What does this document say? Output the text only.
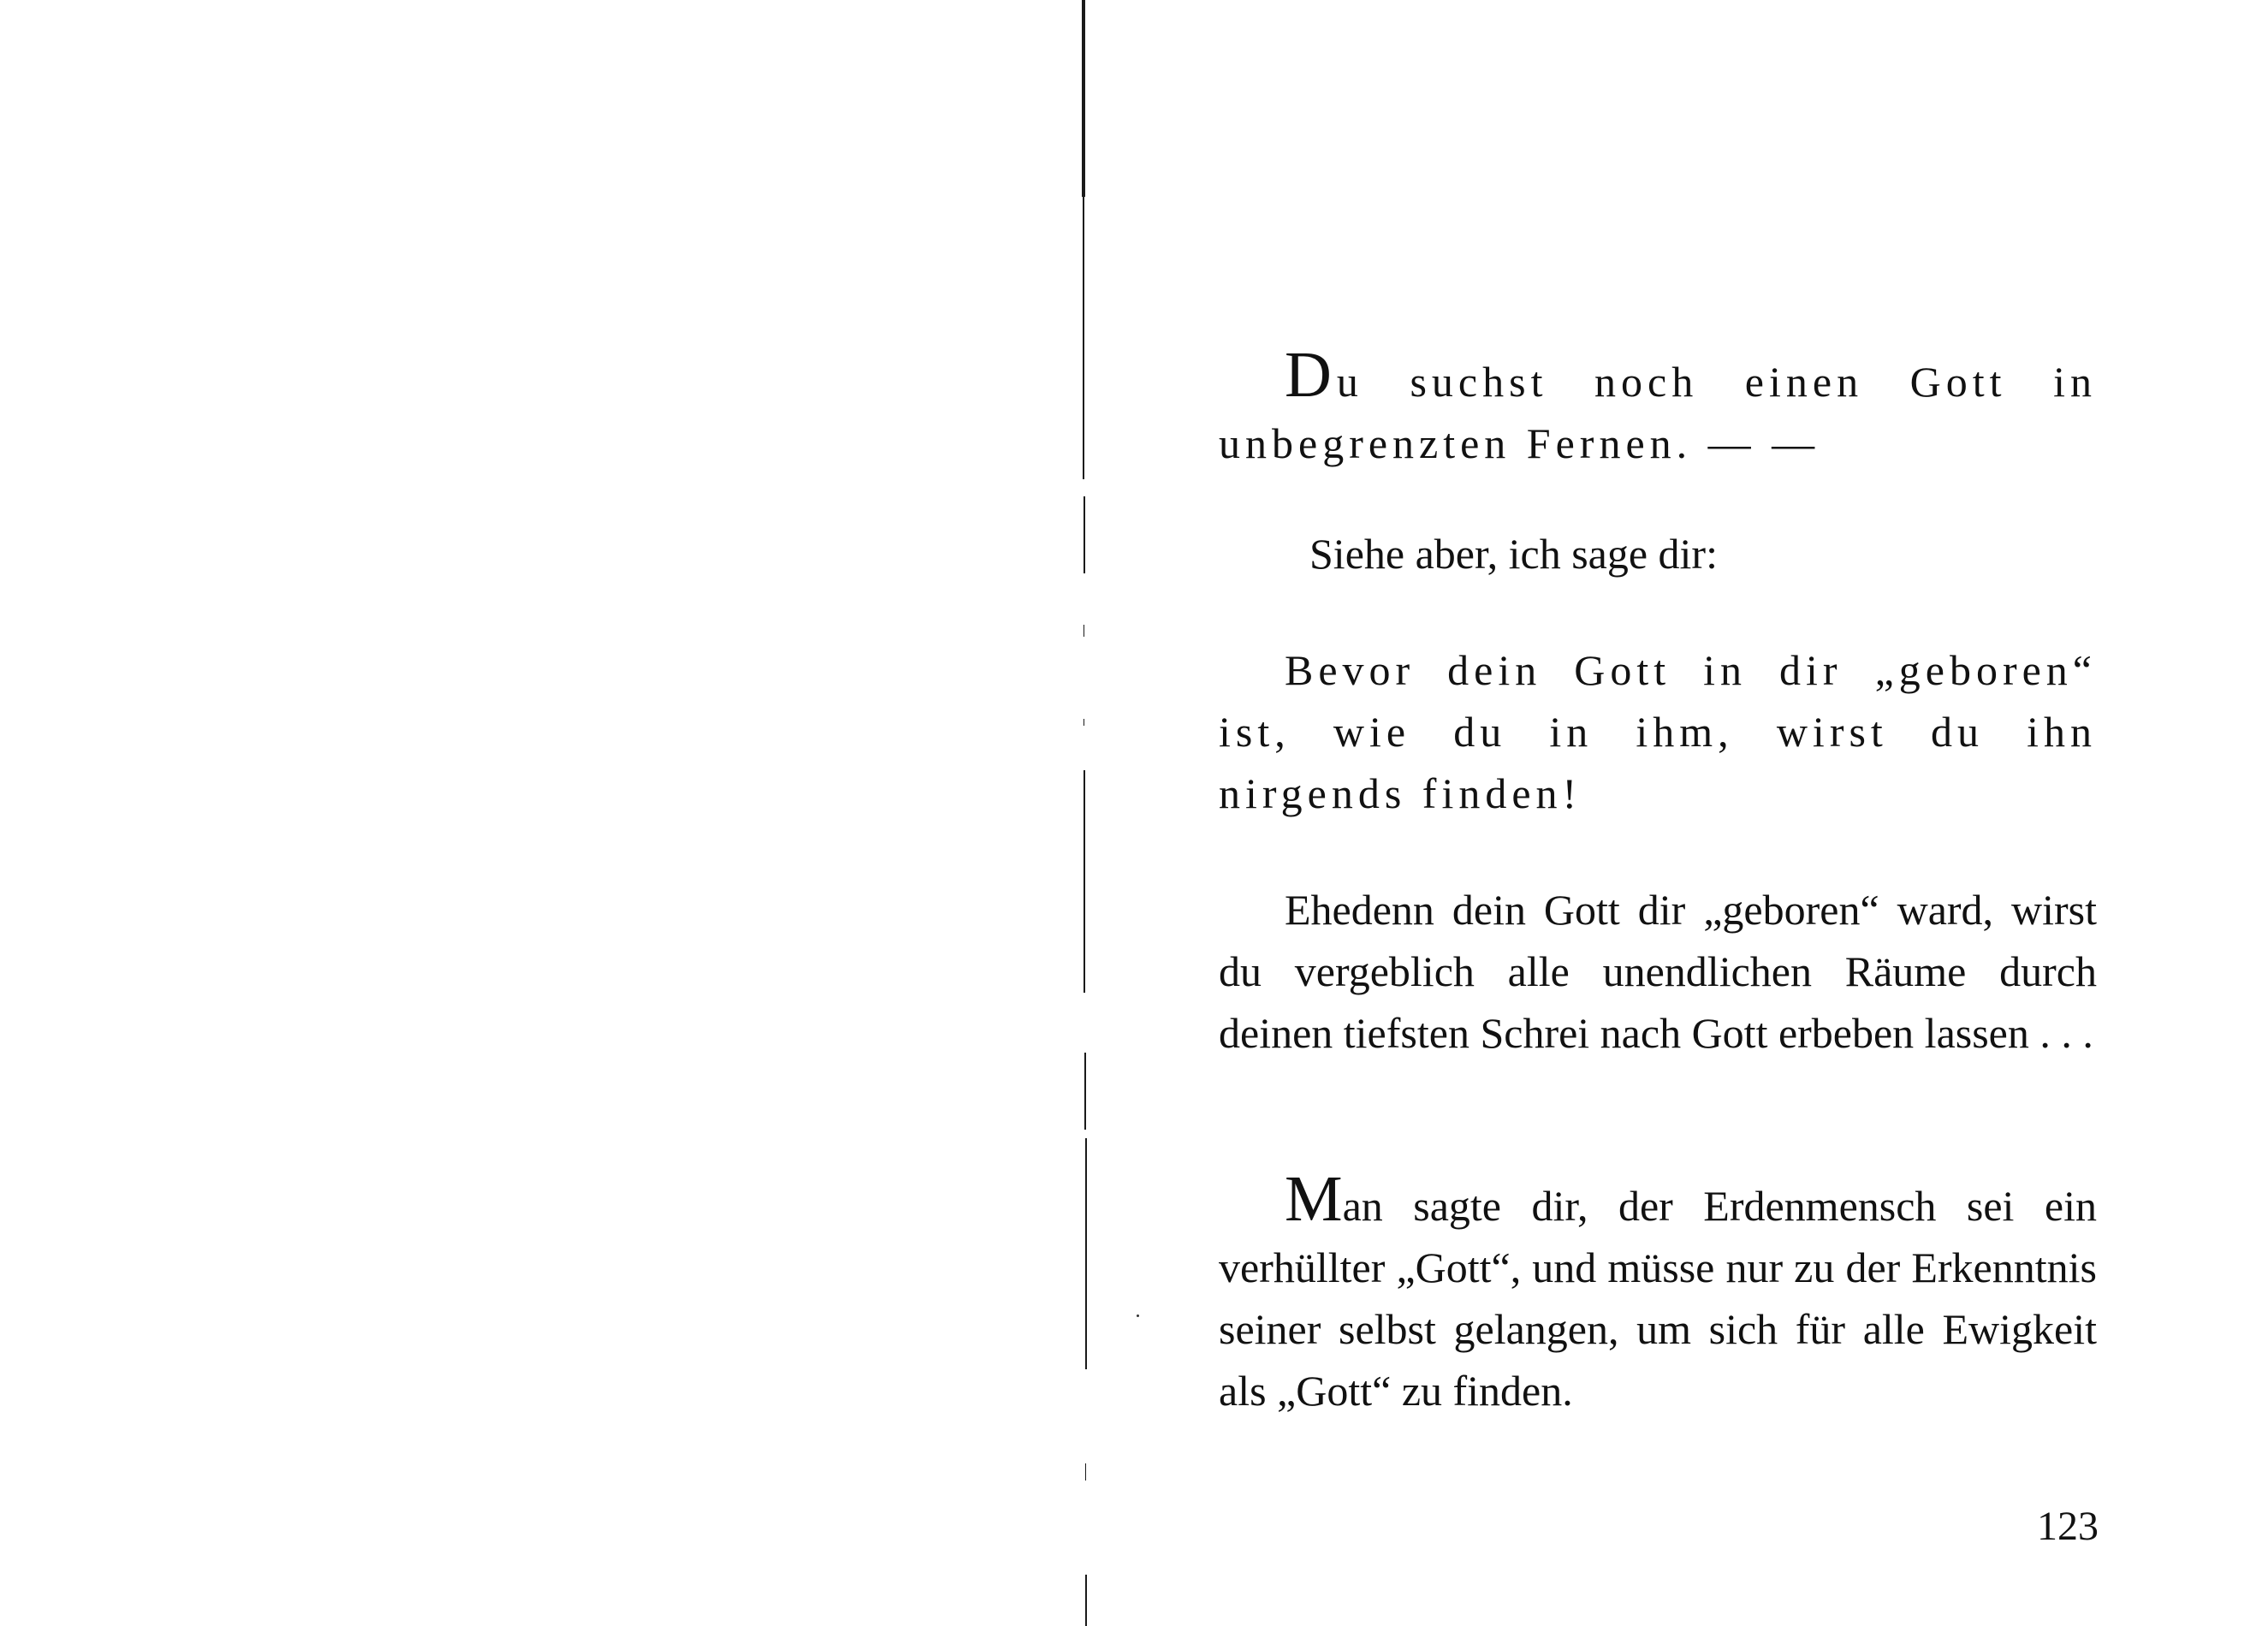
Du suchst noch einen Gott in unbegrenzten Fernen. — —

Siehe aber, ich sage dir:

Bevor dein Gott in dir „geboren“ ist, wie du in ihm, wirst du ihn nirgends finden!

Ehedenn dein Gott dir „geboren“ ward, wirst du vergeblich alle unendlichen Räume durch deinen tiefsten Schrei nach Gott erbeben lassen . . .

Man sagte dir, der Erdenmensch sei ein verhüllter „Gott“, und müsse nur zu der Erkenntnis seiner selbst gelangen, um sich für alle Ewigkeit als „Gott“ zu finden.

123
